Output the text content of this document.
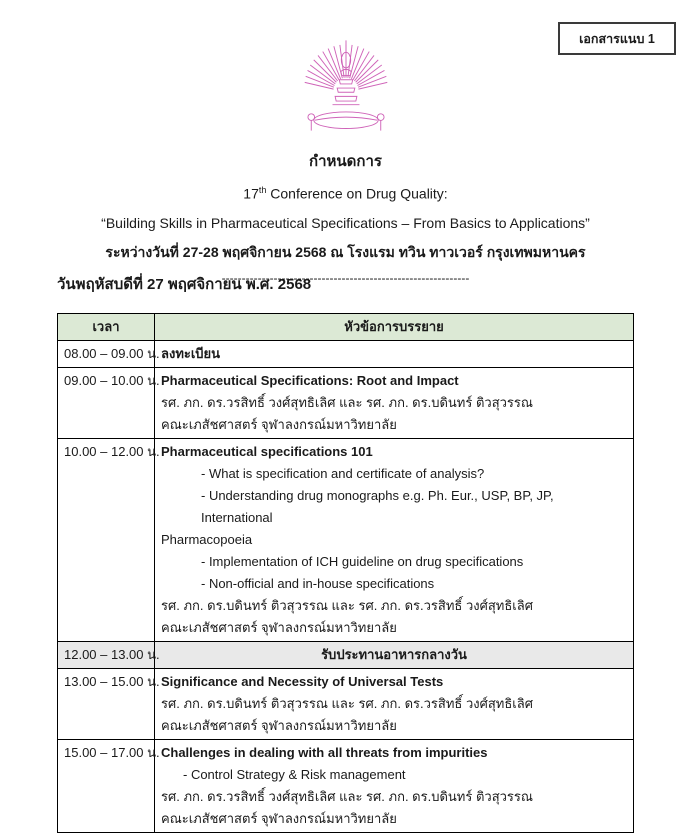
เอกสารแนบ 1
กำหนดการ
17th Conference on Drug Quality:
“Building Skills in Pharmaceutical Specifications – From Basics to Applications”
ระหว่างวันที่ 27-28 พฤศจิกายน 2568 ณ โรงแรม ทวิน ทาวเวอร์ กรุงเทพมหานคร
--------------------------------------------------------------
วันพฤหัสบดีที่ 27 พฤศจิกายน พ.ศ. 2568
เวลา	หัวข้อการบรรยาย
08.00 – 09.00 น.	ลงทะเบียน

09.00 – 10.00 น.	Pharmaceutical Specifications: Root and Impact
รศ. ภก. ดร.วรสิทธิ์ วงศ์สุทธิเลิศ และ รศ. ภก. ดร.บดินทร์ ติวสุวรรณ
คณะเภสัชศาสตร์ จุฬาลงกรณ์มหาวิทยาลัย

10.00 – 12.00 น.	Pharmaceutical specifications 101
- What is specification and certificate of analysis?
- Understanding drug monographs e.g. Ph. Eur., USP, BP, JP, International
Pharmacopoeia
- Implementation of ICH guideline on drug specifications
- Non-official and in-house specifications
รศ. ภก. ดร.บดินทร์ ติวสุวรรณ และ รศ. ภก. ดร.วรสิทธิ์ วงศ์สุทธิเลิศ
คณะเภสัชศาสตร์ จุฬาลงกรณ์มหาวิทยาลัย

12.00 – 13.00 น.	รับประทานอาหารกลางวัน

13.00 – 15.00 น.	Significance and Necessity of Universal Tests
รศ. ภก. ดร.บดินทร์ ติวสุวรรณ และ รศ. ภก. ดร.วรสิทธิ์ วงศ์สุทธิเลิศ
คณะเภสัชศาสตร์ จุฬาลงกรณ์มหาวิทยาลัย

15.00 – 17.00 น.	Challenges in dealing with all threats from impurities
- Control Strategy & Risk management
รศ. ภก. ดร.วรสิทธิ์ วงศ์สุทธิเลิศ และ รศ. ภก. ดร.บดินทร์ ติวสุวรรณ
คณะเภสัชศาสตร์ จุฬาลงกรณ์มหาวิทยาลัย
